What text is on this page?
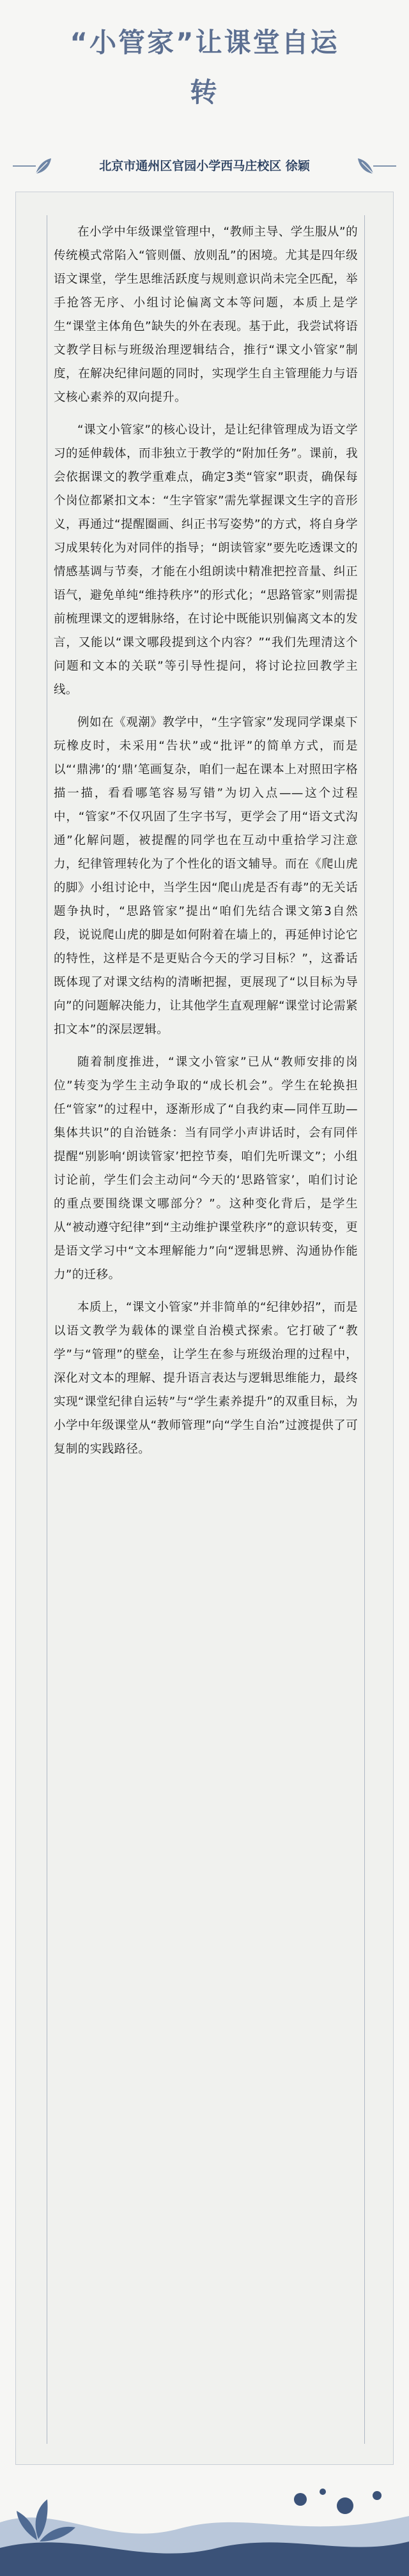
“小管家”让课堂自运
转
北京市通州区官园小学西马庄校区 徐颖

在小学中年级课堂管理中，“教师主导、学生服从”的传统模式常陷入“管则僵、放则乱”的困境。尤其是四年级语文课堂，学生思维活跃度与规则意识尚未完全匹配，举手抢答无序、小组讨论偏离文本等问题，本质上是学生“课堂主体角色”缺失的外在表现。基于此，我尝试将语文教学目标与班级治理逻辑结合，推行“课文小管家”制度，在解决纪律问题的同时，实现学生自主管理能力与语文核心素养的双向提升。

“课文小管家”的核心设计，是让纪律管理成为语文学习的延伸载体，而非独立于教学的“附加任务”。课前，我会依据课文的教学重难点，确定3类“管家”职责，确保每个岗位都紧扣文本：“生字管家”需先掌握课文生字的音形义，再通过“提醒圈画、纠正书写姿势”的方式，将自身学习成果转化为对同伴的指导；“朗读管家”要先吃透课文的情感基调与节奏，才能在小组朗读中精准把控音量、纠正语气，避免单纯“维持秩序”的形式化；“思路管家”则需提前梳理课文的逻辑脉络，在讨论中既能识别偏离文本的发言，又能以“课文哪段提到这个内容？”“我们先理清这个问题和文本的关联”等引导性提问，将讨论拉回教学主线。

例如在《观潮》教学中，“生字管家”发现同学课桌下玩橡皮时，未采用“告状”或“批评”的简单方式，而是以“‘鼎沸’的‘鼎’笔画复杂，咱们一起在课本上对照田字格描一描，看看哪笔容易写错”为切入点——这个过程中，“管家”不仅巩固了生字书写，更学会了用“语文式沟通”化解问题，被提醒的同学也在互动中重拾学习注意力，纪律管理转化为了个性化的语文辅导。而在《爬山虎的脚》小组讨论中，当学生因“爬山虎是否有毒”的无关话题争执时，“思路管家”提出“咱们先结合课文第3自然段，说说爬山虎的脚是如何附着在墙上的，再延伸讨论它的特性，这样是不是更贴合今天的学习目标？”，这番话既体现了对课文结构的清晰把握，更展现了“以目标为导向”的问题解决能力，让其他学生直观理解“课堂讨论需紧扣文本”的深层逻辑。

随着制度推进，“课文小管家”已从“教师安排的岗位”转变为学生主动争取的“成长机会”。学生在轮换担任“管家”的过程中，逐渐形成了“自我约束—同伴互助—集体共识”的自治链条：当有同学小声讲话时，会有同伴提醒“别影响‘朗读管家’把控节奏，咱们先听课文”；小组讨论前，学生们会主动问“今天的‘思路管家’，咱们讨论的重点要围绕课文哪部分？”。这种变化背后，是学生从“被动遵守纪律”到“主动维护课堂秩序”的意识转变，更是语文学习中“文本理解能力”向“逻辑思辨、沟通协作能力”的迁移。

本质上，“课文小管家”并非简单的“纪律妙招”，而是以语文教学为载体的课堂自治模式探索。它打破了“教学”与“管理”的壁垒，让学生在参与班级治理的过程中，深化对文本的理解、提升语言表达与逻辑思维能力，最终实现“课堂纪律自运转”与“学生素养提升”的双重目标，为小学中年级课堂从“教师管理”向“学生自治”过渡提供了可复制的实践路径。
